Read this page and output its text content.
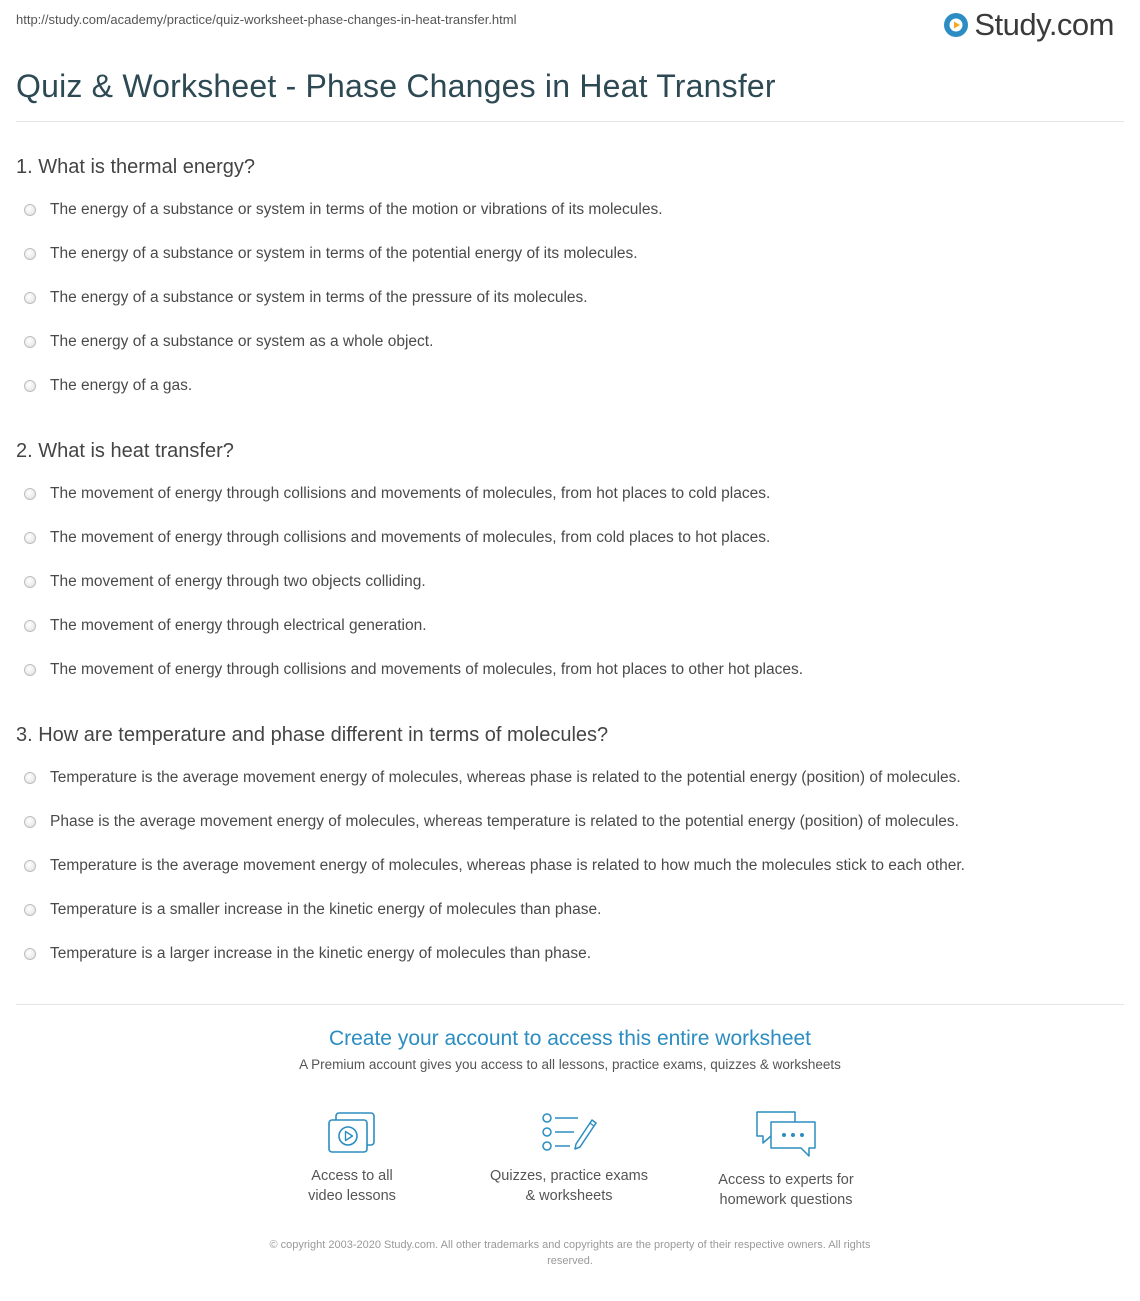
http://study.com/academy/practice/quiz-worksheet-phase-changes-in-heat-transfer.html	Study.com
Quiz & Worksheet - Phase Changes in Heat Transfer
1. What is thermal energy?
The energy of a substance or system in terms of the motion or vibrations of its molecules.
The energy of a substance or system in terms of the potential energy of its molecules.
The energy of a substance or system in terms of the pressure of its molecules.
The energy of a substance or system as a whole object.
The energy of a gas.
2. What is heat transfer?
The movement of energy through collisions and movements of molecules, from hot places to cold places.
The movement of energy through collisions and movements of molecules, from cold places to hot places.
The movement of energy through two objects colliding.
The movement of energy through electrical generation.
The movement of energy through collisions and movements of molecules, from hot places to other hot places.
3. How are temperature and phase different in terms of molecules?
Temperature is the average movement energy of molecules, whereas phase is related to the potential energy (position) of molecules.
Phase is the average movement energy of molecules, whereas temperature is related to the potential energy (position) of molecules.
Temperature is the average movement energy of molecules, whereas phase is related to how much the molecules stick to each other.
Temperature is a smaller increase in the kinetic energy of molecules than phase.
Temperature is a larger increase in the kinetic energy of molecules than phase.
Create your account to access this entire worksheet
A Premium account gives you access to all lessons, practice exams, quizzes & worksheets
Access to all
video lessons
Quizzes, practice exams
& worksheets
Access to experts for
homework questions
© copyright 2003-2020 Study.com. All other trademarks and copyrights are the property of their respective owners. All rights
reserved.
